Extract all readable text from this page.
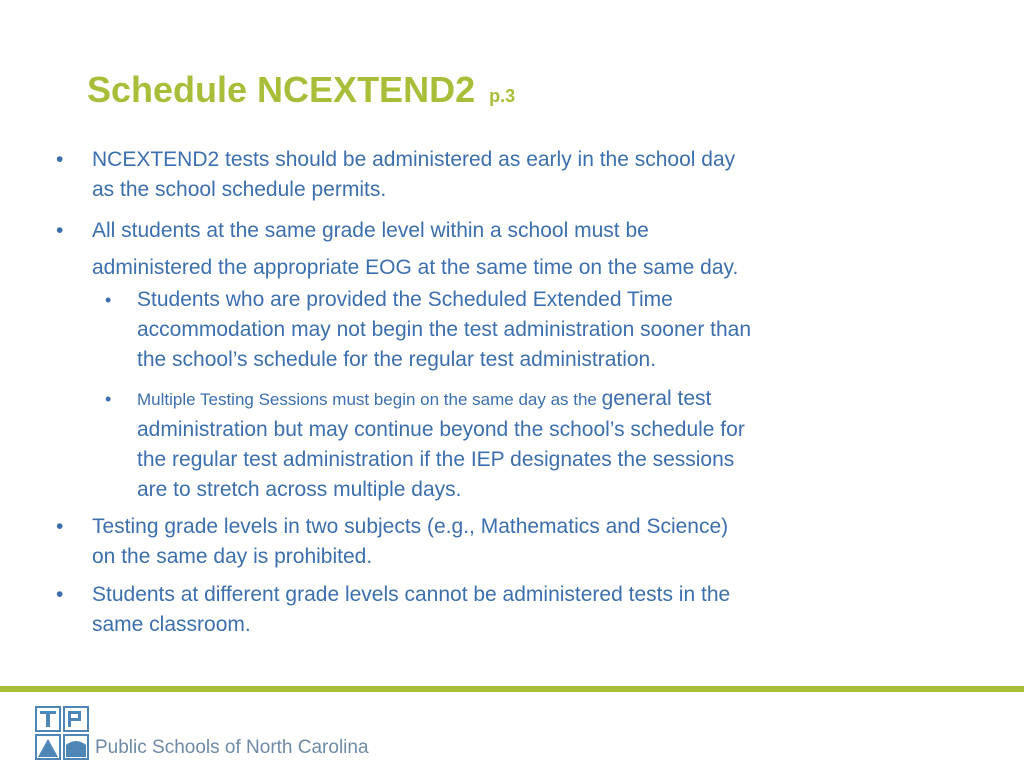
Schedule NCEXTEND2 p.3

• NCEXTEND2 tests should be administered as early in the school day
as the school schedule permits.

• All students at the same grade level within a school must be
administered the appropriate EOG at the same time on the same day.

• Students who are provided the Scheduled Extended Time
accommodation may not begin the test administration sooner than
the school’s schedule for the regular test administration.

• Multiple Testing Sessions must begin on the same day as the general test
administration but may continue beyond the school’s schedule for
the regular test administration if the IEP designates the sessions
are to stretch across multiple days.

• Testing grade levels in two subjects (e.g., Mathematics and Science)
on the same day is prohibited.

• Students at different grade levels cannot be administered tests in the
same classroom.

Public Schools of North Carolina
